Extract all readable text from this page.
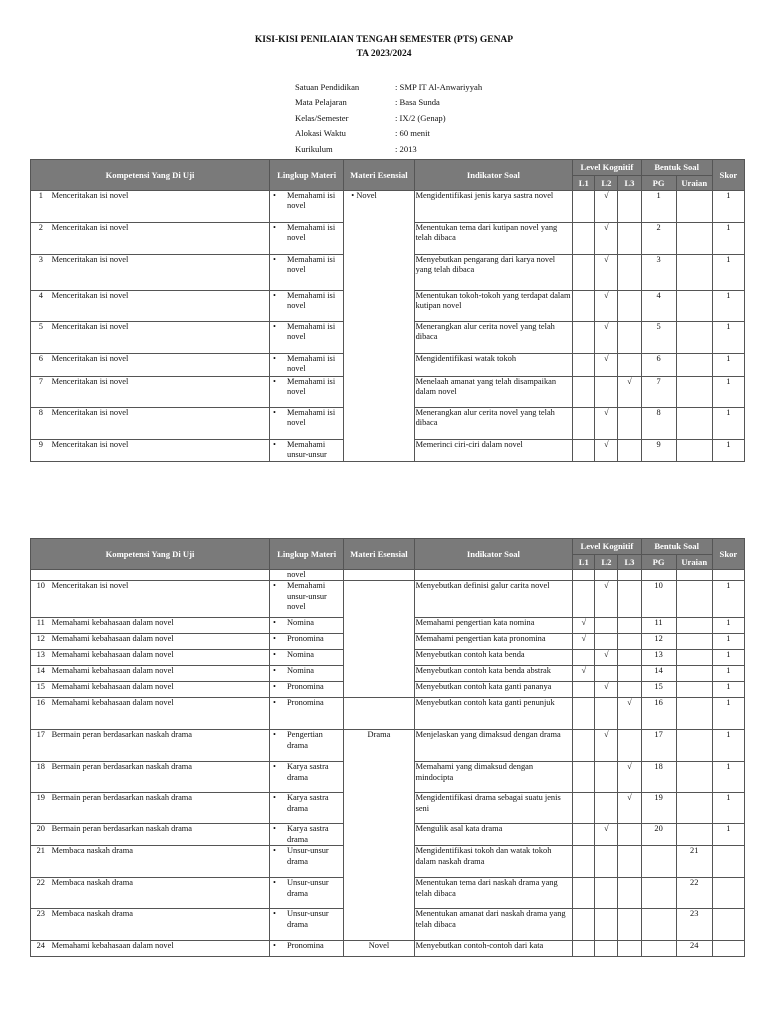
KISI-KISI PENILAIAN TENGAH SEMESTER (PTS) GENAP
TA 2023/2024
Satuan Pendidikan	: SMP IT Al-Anwariyyah
Mata Pelajaran	: Basa Sunda
Kelas/Semester	: IX/2 (Genap)
Alokasi Waktu	: 60 menit
Kurikulum	: 2013
Kompetensi Yang Di Uji		Lingkup Materi	Materi Esensial	Indikator Soal	Level Kognitif			Bentuk Soal		Skor
					L1	L2	L3	PG	Uraian	
1	Menceritakan isi novel	• Memahami isi novel	• Novel	Mengidentifikasi jenis karya sastra novel		√		1		1
2	Menceritakan isi novel	• Memahami isi novel		Menentukan tema dari kutipan novel yang telah dibaca		√		2		1
3	Menceritakan isi novel	• Memahami isi novel		Menyebutkan pengarang dari karya novel yang telah dibaca		√		3		1
4	Menceritakan isi novel	• Memahami isi novel		Menentukan tokoh-tokoh yang terdapat dalam kutipan novel		√		4		1
5	Menceritakan isi novel	• Memahami isi novel		Menerangkan alur cerita novel yang telah dibaca		√		5		1
6	Menceritakan isi novel	• Memahami isi novel		Mengidentifikasi watak tokoh		√		6		1
7	Menceritakan isi novel	• Memahami isi novel		Menelaah amanat yang telah disampaikan dalam novel			√	7		1
8	Menceritakan isi novel	• Memahami isi novel		Menerangkan alur cerita novel yang telah dibaca		√		8		1
9	Menceritakan isi novel	• Memahami unsur-unsur		Memerinci ciri-ciri dalam novel		√		9		1
Kompetensi Yang Di Uji		Lingkup Materi	Materi Esensial	Indikator Soal	Level Kognitif			Bentuk Soal		Skor
					L1	L2	L3	PG	Uraian	
		novel								
10	Menceritakan isi novel	• Memahami unsur-unsur novel		Menyebutkan definisi galur carita novel		√		10		1
11	Memahami kebahasaan dalam novel	• Nomina		Memahami pengertian kata nomina	√			11		1
12	Memahami kebahasaan dalam novel	• Pronomina		Memahami pengertian kata pronomina	√			12		1
13	Memahami kebahasaan dalam novel	• Nomina		Menyebutkan contoh kata benda		√		13		1
14	Memahami kebahasaan dalam novel	• Nomina		Menyebutkan contoh kata benda abstrak	√			14		1
15	Memahami kebahasaan dalam novel	• Pronomina		Menyebutkan contoh kata ganti pananya		√		15		1
16	Memahami kebahasaan dalam novel	• Pronomina		Menyebutkan contoh kata ganti penunjuk			√	16		1
17	Bermain peran berdasarkan naskah drama	• Pengertian drama	Drama	Menjelaskan yang dimaksud dengan drama		√		17		1
18	Bermain peran berdasarkan naskah drama	• Karya sastra drama		Memahami yang dimaksud dengan mindocipta			√	18		1
19	Bermain peran berdasarkan naskah drama	• Karya sastra drama		Mengidentifikasi drama sebagai suatu jenis seni			√	19		1
20	Bermain peran berdasarkan naskah drama	• Karya sastra drama		Mengulik asal kata drama		√		20		1
21	Membaca naskah drama	• Unsur-unsur drama		Mengidentifikasi tokoh dan watak tokoh dalam naskah drama					21	
22	Membaca naskah drama	• Unsur-unsur drama		Menentukan tema dari naskah drama yang telah dibaca					22	
23	Membaca naskah drama	• Unsur-unsur drama		Menentukan amanat dari naskah drama yang telah dibaca					23	
24	Memahami kebahasaan dalam novel	• Pronomina	Novel	Menyebutkan contoh-contoh dari kata					24	
